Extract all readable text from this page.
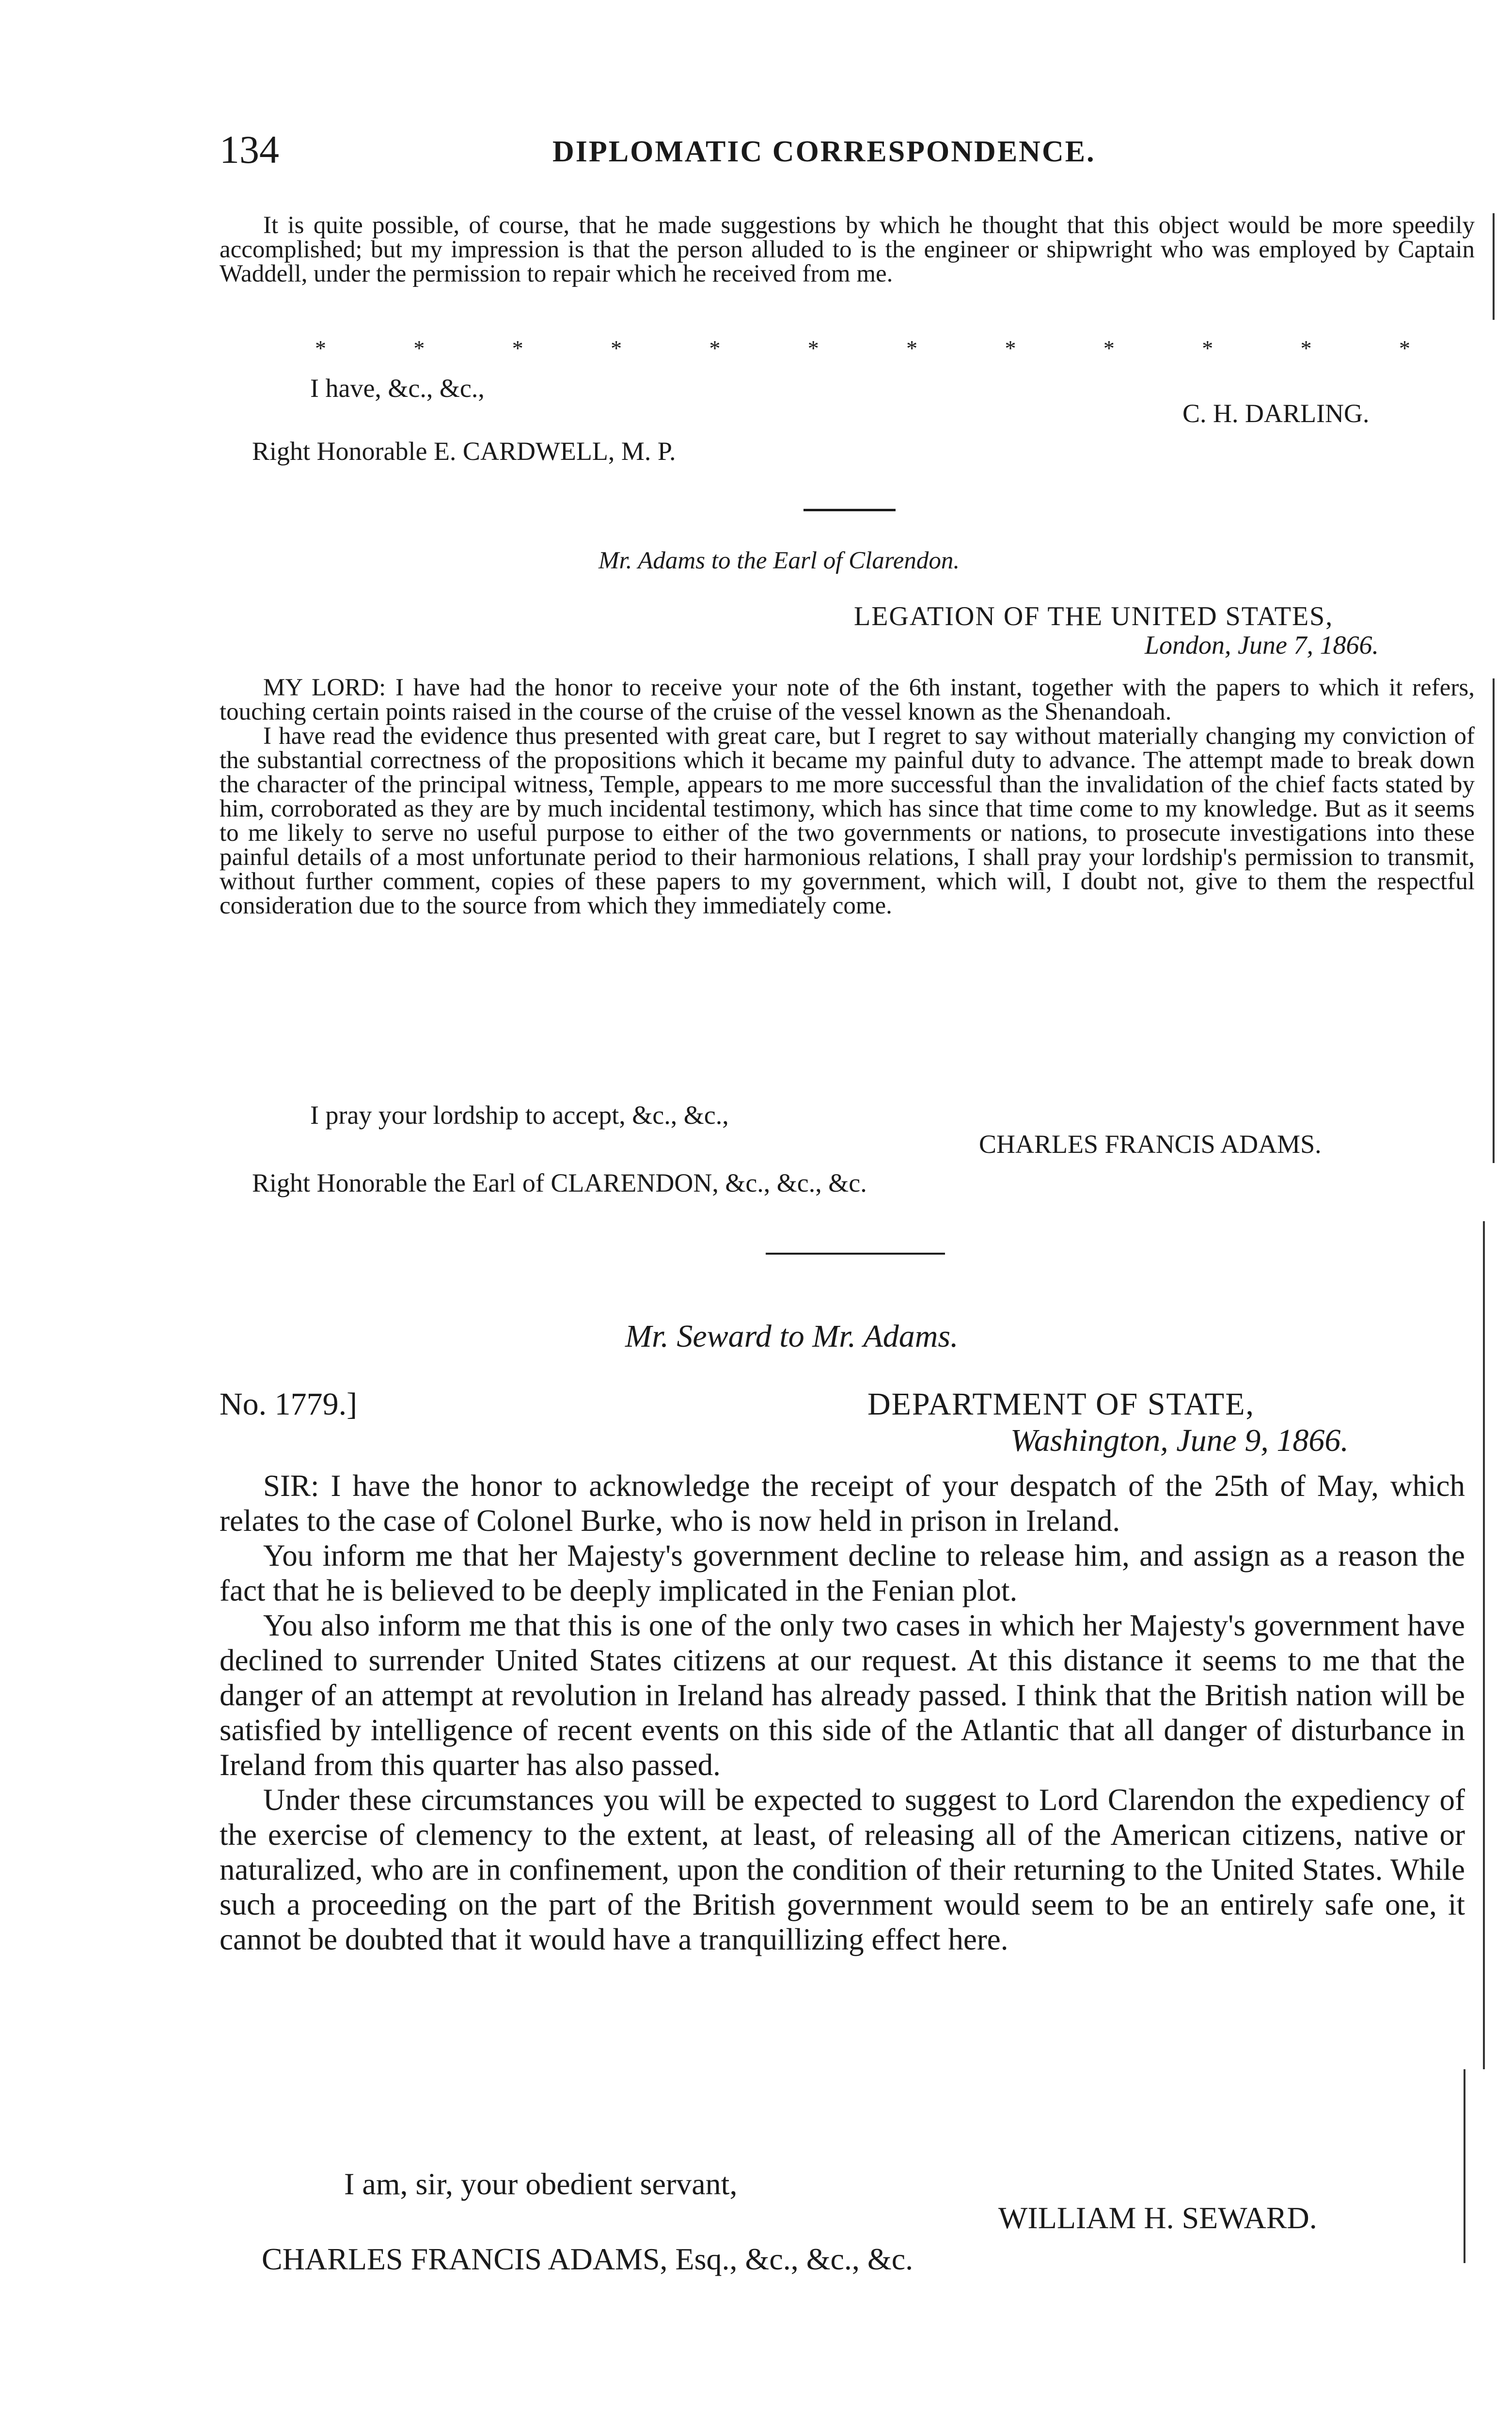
134	DIPLOMATIC CORRESPONDENCE.

It is quite possible, of course, that he made suggestions by which he thought that this object would be more speedily accomplished; but my impression is that the person alluded to is the engineer or shipwright who was employed by Captain Waddell, under the permission to repair which he received from me.

*	*	*	*	*	*	*	*	*	*	*	*
I have, &c., &c.,
C. H. DARLING.
Right Honorable E. CARDWELL, M. P.
Mr. Adams to the Earl of Clarendon.
LEGATION OF THE UNITED STATES,
London, June 7, 1866.

MY LORD: I have had the honor to receive your note of the 6th instant, together with the papers to which it refers, touching certain points raised in the course of the cruise of the vessel known as the Shenandoah.

I have read the evidence thus presented with great care, but I regret to say without materially changing my conviction of the substantial correctness of the propositions which it became my painful duty to advance. The attempt made to break down the character of the principal witness, Temple, appears to me more successful than the invalidation of the chief facts stated by him, corroborated as they are by much incidental testimony, which has since that time come to my knowledge. But as it seems to me likely to serve no useful purpose to either of the two governments or nations, to prosecute investigations into these painful details of a most unfortunate period to their harmonious relations, I shall pray your lordship's permission to transmit, without further comment, copies of these papers to my government, which will, I doubt not, give to them the respectful consideration due to the source from which they immediately come.

I pray your lordship to accept, &c., &c.,
CHARLES FRANCIS ADAMS.
Right Honorable the Earl of CLARENDON, &c., &c., &c.
Mr. Seward to Mr. Adams.
No. 1779.]	DEPARTMENT OF STATE,
Washington, June 9, 1866.

SIR: I have the honor to acknowledge the receipt of your despatch of the 25th of May, which relates to the case of Colonel Burke, who is now held in prison in Ireland.

You inform me that her Majesty's government decline to release him, and assign as a reason the fact that he is believed to be deeply implicated in the Fenian plot.

You also inform me that this is one of the only two cases in which her Majesty's government have declined to surrender United States citizens at our request. At this distance it seems to me that the danger of an attempt at revolution in Ireland has already passed. I think that the British nation will be satisfied by intelligence of recent events on this side of the Atlantic that all danger of disturbance in Ireland from this quarter has also passed.

Under these circumstances you will be expected to suggest to Lord Clarendon the expediency of the exercise of clemency to the extent, at least, of releasing all of the American citizens, native or naturalized, who are in confinement, upon the condition of their returning to the United States. While such a proceeding on the part of the British government would seem to be an entirely safe one, it cannot be doubted that it would have a tranquillizing effect here.

I am, sir, your obedient servant,
WILLIAM H. SEWARD.
CHARLES FRANCIS ADAMS, Esq., &c., &c., &c.
